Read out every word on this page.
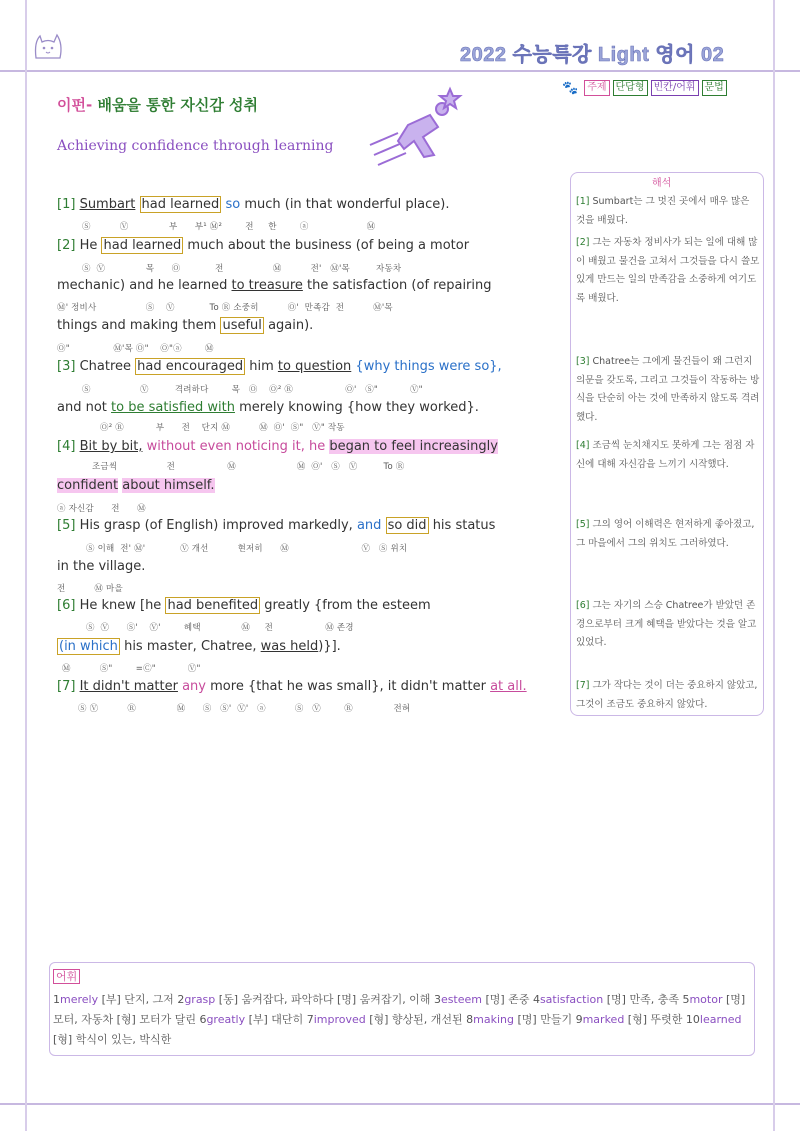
2022 수능특강 Light 영어 02
🐾 주제 단답형 빈칸/어휘 문법
이펀- 배움을 통한 자신감 성취
Achieving confidence through learning
[1] Sumbart had learned so much (in that wonderful place).
Ⓢ          Ⓥ              부      부¹ Ⓜ²        전     한        ⓐ                    Ⓜ
[2] He had learned much about the business (of being a motor
Ⓢ  Ⓥ              목      Ⓞ            전                 Ⓜ          전'   Ⓜ'목         자동차
mechanic) and he learned to treasure the satisfaction (of repairing
Ⓜ' 정비사                 Ⓢ    Ⓥ            To Ⓡ 소중히          Ⓞ'  만족감  전          Ⓜ'목
things and making them useful again).
Ⓞ"               Ⓜ'목 Ⓞ"    Ⓞ"ⓐ        Ⓜ
[3] Chatree had encouraged him to question {why things were so},
Ⓢ                 Ⓥ         격려하다        목   Ⓞ    Ⓞ² Ⓡ                  Ⓞ'   Ⓢ"           Ⓥ"
and not to be satisfied with merely knowing {how they worked}.
Ⓞ² Ⓡ           부      전    단지 Ⓜ          Ⓜ  Ⓞ'  Ⓢ"   Ⓥ" 작동
[4] Bit by bit, without even noticing it, he began to feel increasingly
조금씩                 전                  Ⓜ                     Ⓜ  Ⓞ'   Ⓢ   Ⓥ         To Ⓡ
confident about himself.
ⓐ 자신감      전      Ⓜ
[5] His grasp (of English) improved markedly, and so did his status
Ⓢ 이해  전' Ⓜ'            Ⓥ 개선          현저히      Ⓜ                         Ⓥ   Ⓢ 위치
in the village.
전          Ⓜ 마을
[6] He knew [he had benefited greatly {from the esteem
Ⓢ  Ⓥ      Ⓢ'    Ⓥ'        혜택              Ⓜ     전                  Ⓜ 존경
(in which his master, Chatree, was held)}].
Ⓜ          Ⓢ"        =Ⓒ"           Ⓥ"
[7] It didn't matter any more {that he was small}, it didn't matter at all.
Ⓢ Ⓥ          Ⓡ              Ⓜ      Ⓢ   Ⓢ'  Ⓥ'   ⓐ          Ⓢ   Ⓥ        Ⓡ              전혀
해석
[1] Sumbart는 그 멋진 곳에서 매우 많은 것을 배웠다.
[2] 그는 자동차 정비사가 되는 일에 대해 많이 배웠고 물건을 고쳐서 그것들을 다시 쓸모 있게 만드는 일의 만족감을 소중하게 여기도록 배웠다.
[3] Chatree는 그에게 물건들이 왜 그런지 의문을 갖도록, 그리고 그것들이 작동하는 방식을 단순히 아는 것에 만족하지 않도록 격려했다.
[4] 조금씩 눈치채지도 못하게 그는 점점 자신에 대해 자신감을 느끼기 시작했다.
[5] 그의 영어 이해력은 현저하게 좋아졌고, 그 마을에서 그의 위치도 그러하였다.
[6] 그는 자기의 스승 Chatree가 받았던 존경으로부터 크게 혜택을 받았다는 것을 알고 있었다.
[7] 그가 작다는 것이 더는 중요하지 않았고, 그것이 조금도 중요하지 않았다.
어휘
1merely [부] 단지, 그저 2grasp [동] 움켜잡다, 파악하다 [명] 움켜잡기, 이해 3esteem [명] 존중 4satisfaction [명] 만족, 충족 5motor [명] 모터, 자동차 [형] 모터가 달린 6greatly [부] 대단히 7improved [형] 향상된, 개선된 8making [명] 만들기 9marked [형] 뚜렷한 10learned [형] 학식이 있는, 박식한
